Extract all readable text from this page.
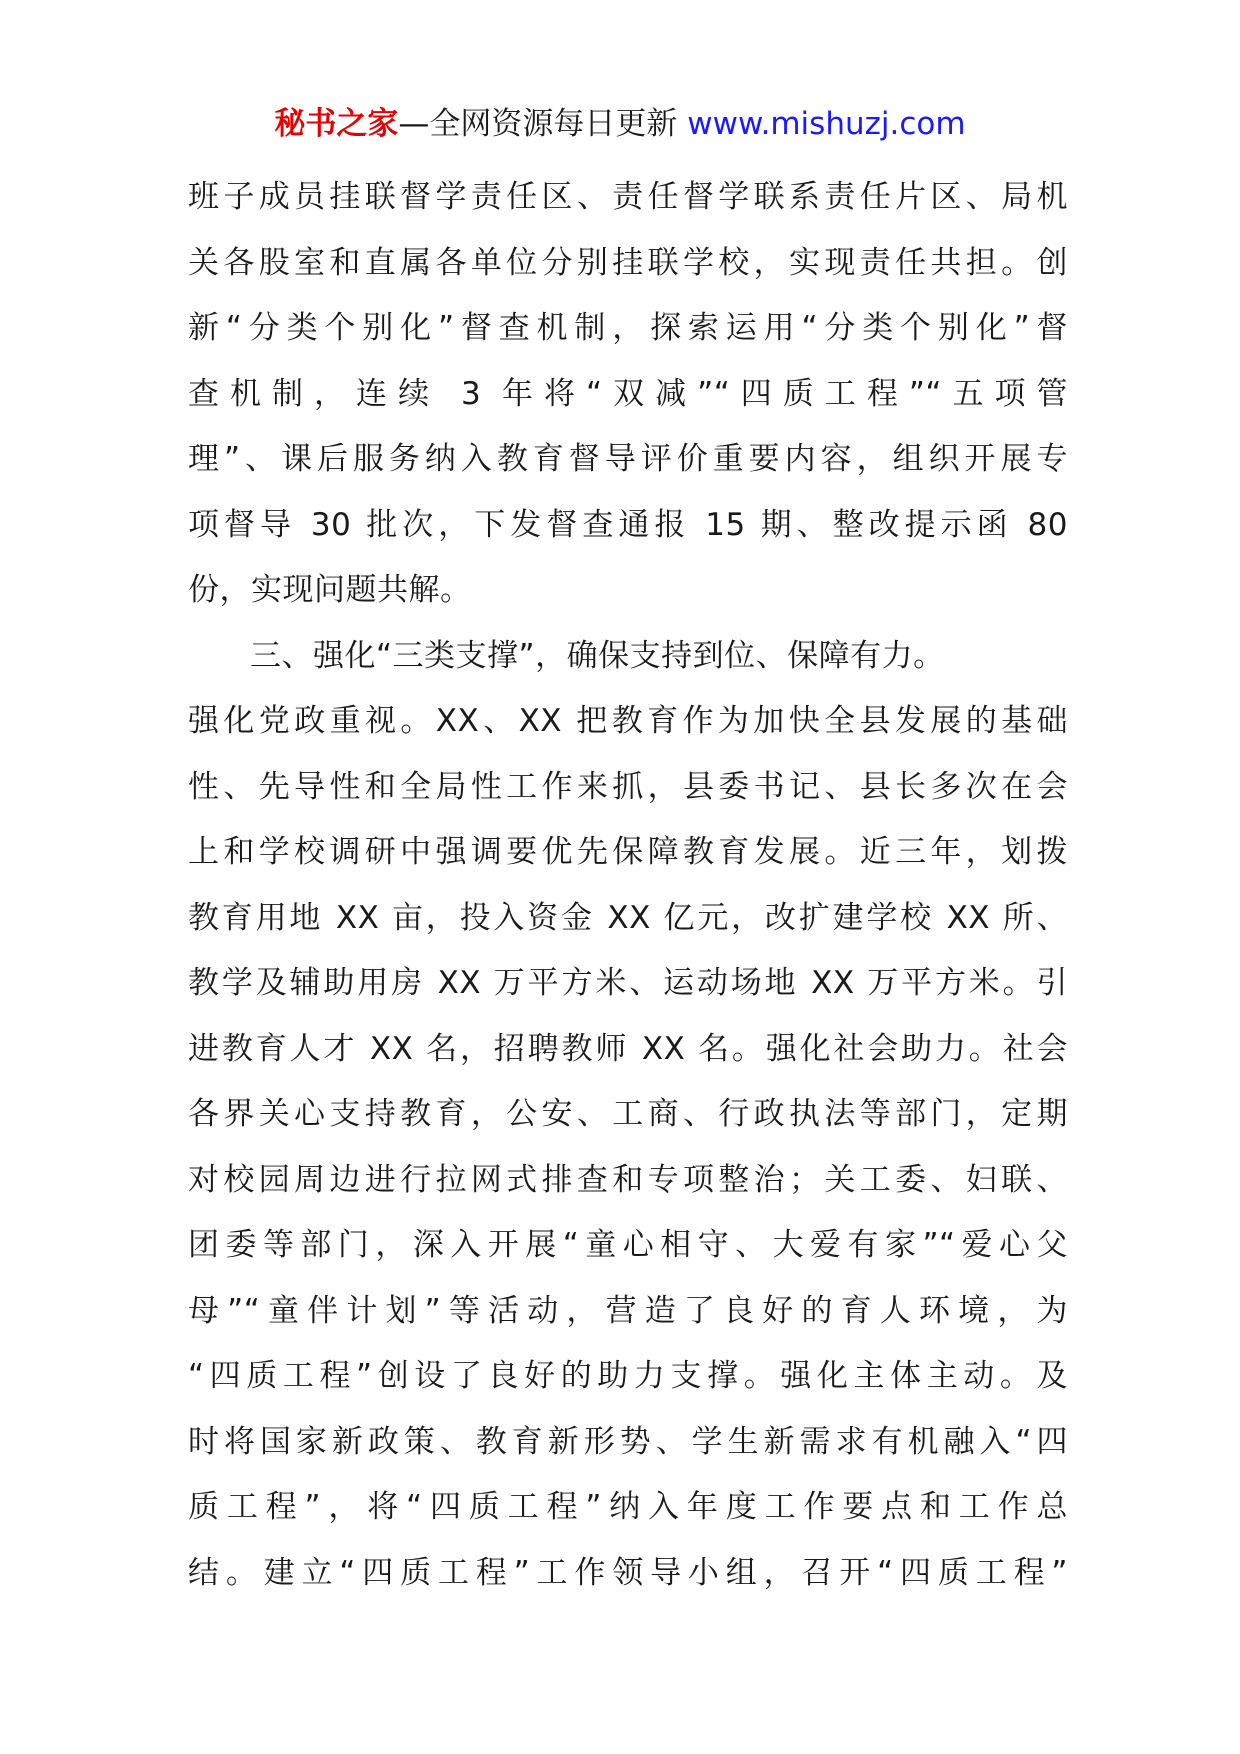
秘书之家—全网资源每日更新 www.mishuzj.com
班子成员挂联督学责任区、责任督学联系责任片区、局机
关各股室和直属各单位分别挂联学校，实现责任共担。创
新“分类个别化”督查机制，探索运用“分类个别化”督
查机制，连续 3 年将“双减”“四质工程”“五项管
理”、课后服务纳入教育督导评价重要内容，组织开展专
项督导 30 批次，下发督查通报 15 期、整改提示函 80
份，实现问题共解。
三、强化“三类支撑”，确保支持到位、保障有力。
强化党政重视。XX、XX 把教育作为加快全县发展的基础
性、先导性和全局性工作来抓，县委书记、县长多次在会
上和学校调研中强调要优先保障教育发展。近三年，划拨
教育用地 XX 亩，投入资金 XX 亿元，改扩建学校 XX 所、
教学及辅助用房 XX 万平方米、运动场地 XX 万平方米。引
进教育人才 XX 名，招聘教师 XX 名。强化社会助力。社会
各界关心支持教育，公安、工商、行政执法等部门，定期
对校园周边进行拉网式排查和专项整治；关工委、妇联、
团委等部门，深入开展“童心相守、大爱有家”“爱心父
母”“童伴计划”等活动，营造了良好的育人环境，为
“四质工程”创设了良好的助力支撑。强化主体主动。及
时将国家新政策、教育新形势、学生新需求有机融入“四
质工程”，将“四质工程”纳入年度工作要点和工作总
结。建立“四质工程”工作领导小组，召开“四质工程”
